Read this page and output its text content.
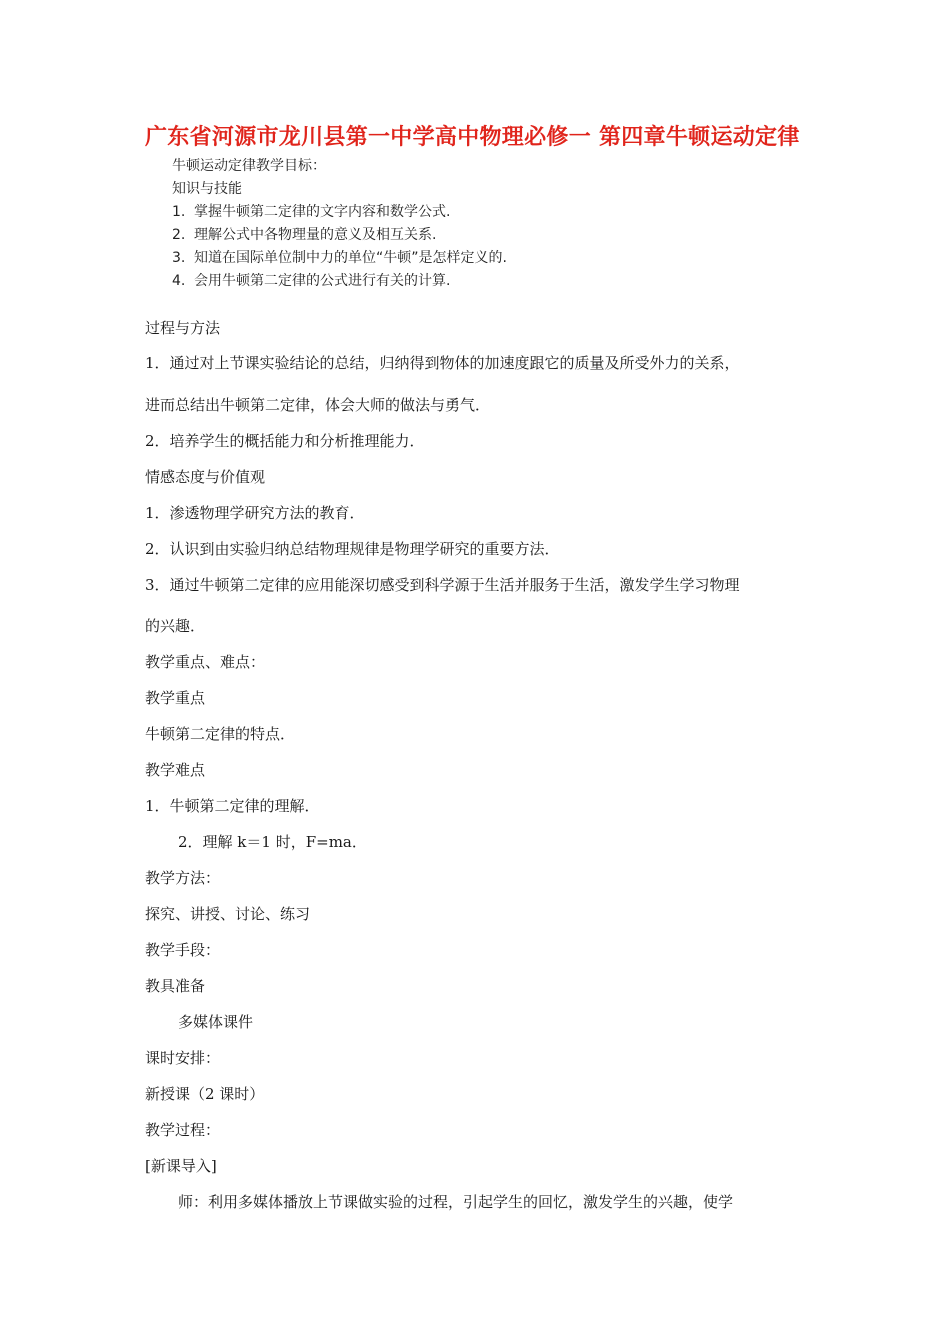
广东省河源市龙川县第一中学高中物理必修一 第四章牛顿运动定律
牛顿运动定律教学目标：
知识与技能
1. 掌握牛顿第二定律的文字内容和数学公式.
2. 理解公式中各物理量的意义及相互关系.
3. 知道在国际单位制中力的单位“牛顿”是怎样定义的.
4. 会用牛顿第二定律的公式进行有关的计算.
过程与方法
1．通过对上节课实验结论的总结，归纳得到物体的加速度跟它的质量及所受外力的关系，
进而总结出牛顿第二定律，体会大师的做法与勇气．
2．培养学生的概括能力和分析推理能力．
情感态度与价值观
1．渗透物理学研究方法的教育．
2．认识到由实验归纳总结物理规律是物理学研究的重要方法．
3．通过牛顿第二定律的应用能深切感受到科学源于生活并服务于生活，激发学生学习物理
的兴趣．
教学重点、难点：
教学重点
牛顿第二定律的特点．
教学难点
1．牛顿第二定律的理解．
2．理解 k＝1 时，F=ma．
教学方法：
探究、讲授、讨论、练习
教学手段：
教具准备
多媒体课件
课时安排：
新授课（2 课时）
教学过程：
[新课导入]
师：利用多媒体播放上节课做实验的过程，引起学生的回忆，激发学生的兴趣，使学
